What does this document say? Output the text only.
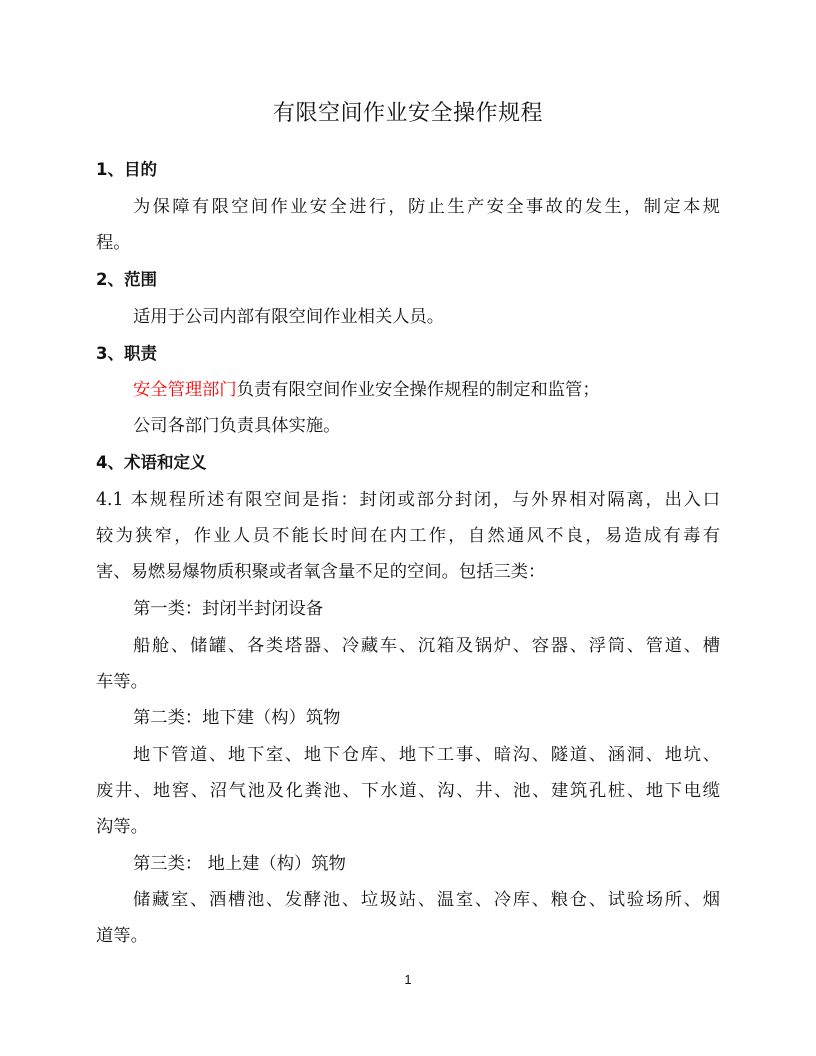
有限空间作业安全操作规程
1、目的
为保障有限空间作业安全进行，防止生产安全事故的发生，制定本规
程。
2、范围
适用于公司内部有限空间作业相关人员。
3、职责
安全管理部门负责有限空间作业安全操作规程的制定和监管；
公司各部门负责具体实施。
4、术语和定义
4.1 本规程所述有限空间是指：封闭或部分封闭，与外界相对隔离，出入口
较为狭窄，作业人员不能长时间在内工作，自然通风不良，易造成有毒有
害、易燃易爆物质积聚或者氧含量不足的空间。包括三类：
第一类：封闭半封闭设备
船舱、储罐、各类塔器、冷藏车、沉箱及锅炉、容器、浮筒、管道、槽
车等。
第二类：地下建（构）筑物
地下管道、地下室、地下仓库、地下工事、暗沟、隧道、涵洞、地坑、
废井、地窖、沼气池及化粪池、下水道、沟、井、池、建筑孔桩、地下电缆
沟等。
第三类： 地上建（构）筑物
储藏室、酒槽池、发酵池、垃圾站、温室、冷库、粮仓、试验场所、烟
道等。
1
